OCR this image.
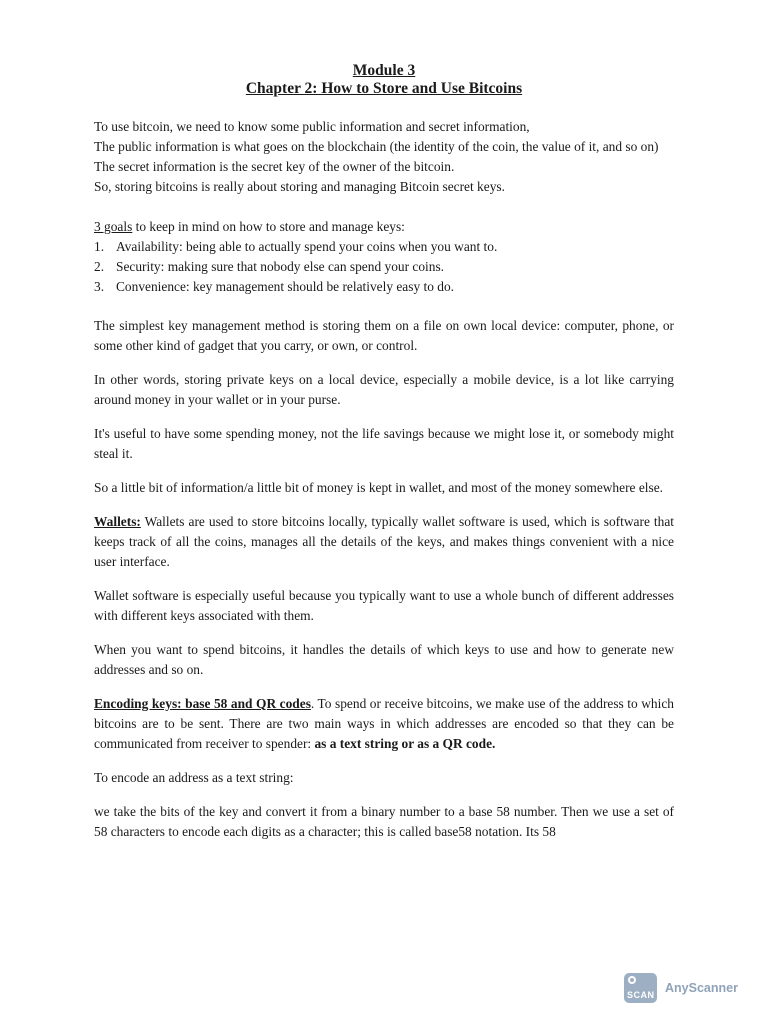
Module 3
Chapter 2: How to Store and Use Bitcoins

To use bitcoin, we need to know some public information and secret information,

The public information is what goes on the blockchain (the identity of the coin, the value of it, and so on)

The secret information is the secret key of the owner of the bitcoin.

So, storing bitcoins is really about storing and managing Bitcoin secret keys.

3 goals to keep in mind on how to store and manage keys:

1. Availability: being able to actually spend your coins when you want to.
2. Security: making sure that nobody else can spend your coins.
3. Convenience: key management should be relatively easy to do.

The simplest key management method is storing them on a file on own local device: computer, phone, or some other kind of gadget that you carry, or own, or control.

In other words, storing private keys on a local device, especially a mobile device, is a lot like carrying around money in your wallet or in your purse.

It's useful to have some spending money, not the life savings because we might lose it, or somebody might steal it.

So a little bit of information/a little bit of money is kept in wallet, and most of the money somewhere else.

Wallets: Wallets are used to store bitcoins locally, typically wallet software is used, which is software that keeps track of all the coins, manages all the details of the keys, and makes things convenient with a nice user interface.

Wallet software is especially useful because you typically want to use a whole bunch of different addresses with different keys associated with them.

When you want to spend bitcoins, it handles the details of which keys to use and how to generate new addresses and so on.

Encoding keys: base 58 and QR codes. To spend or receive bitcoins, we make use of the address to which bitcoins are to be sent. There are two main ways in which addresses are encoded so that they can be communicated from receiver to spender: as a text string or as a QR code.

To encode an address as a text string:

we take the bits of the key and convert it from a binary number to a base 58 number. Then we use a set of 58 characters to encode each digits as a character; this is called base58 notation. Its 58

SCAN AnyScanner
